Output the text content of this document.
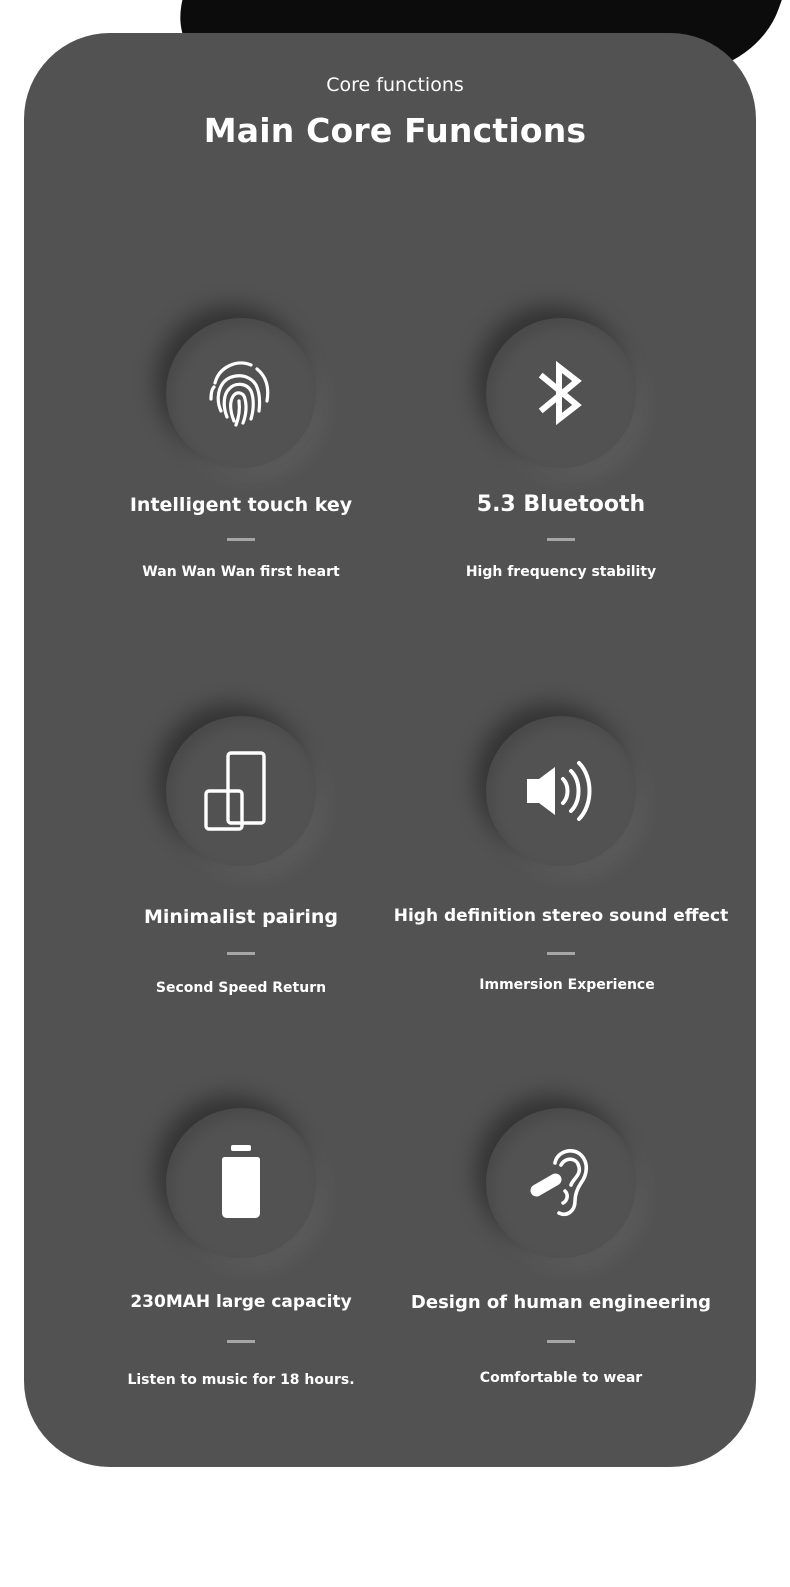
Core functions
Main Core Functions
Intelligent touch key
Wan Wan Wan first heart
5.3 Bluetooth
High frequency stability
Minimalist pairing
Second Speed Return
High definition stereo sound effect
Immersion Experience
230MAH large capacity
Listen to music for 18 hours.
Design of human engineering
Comfortable to wear
